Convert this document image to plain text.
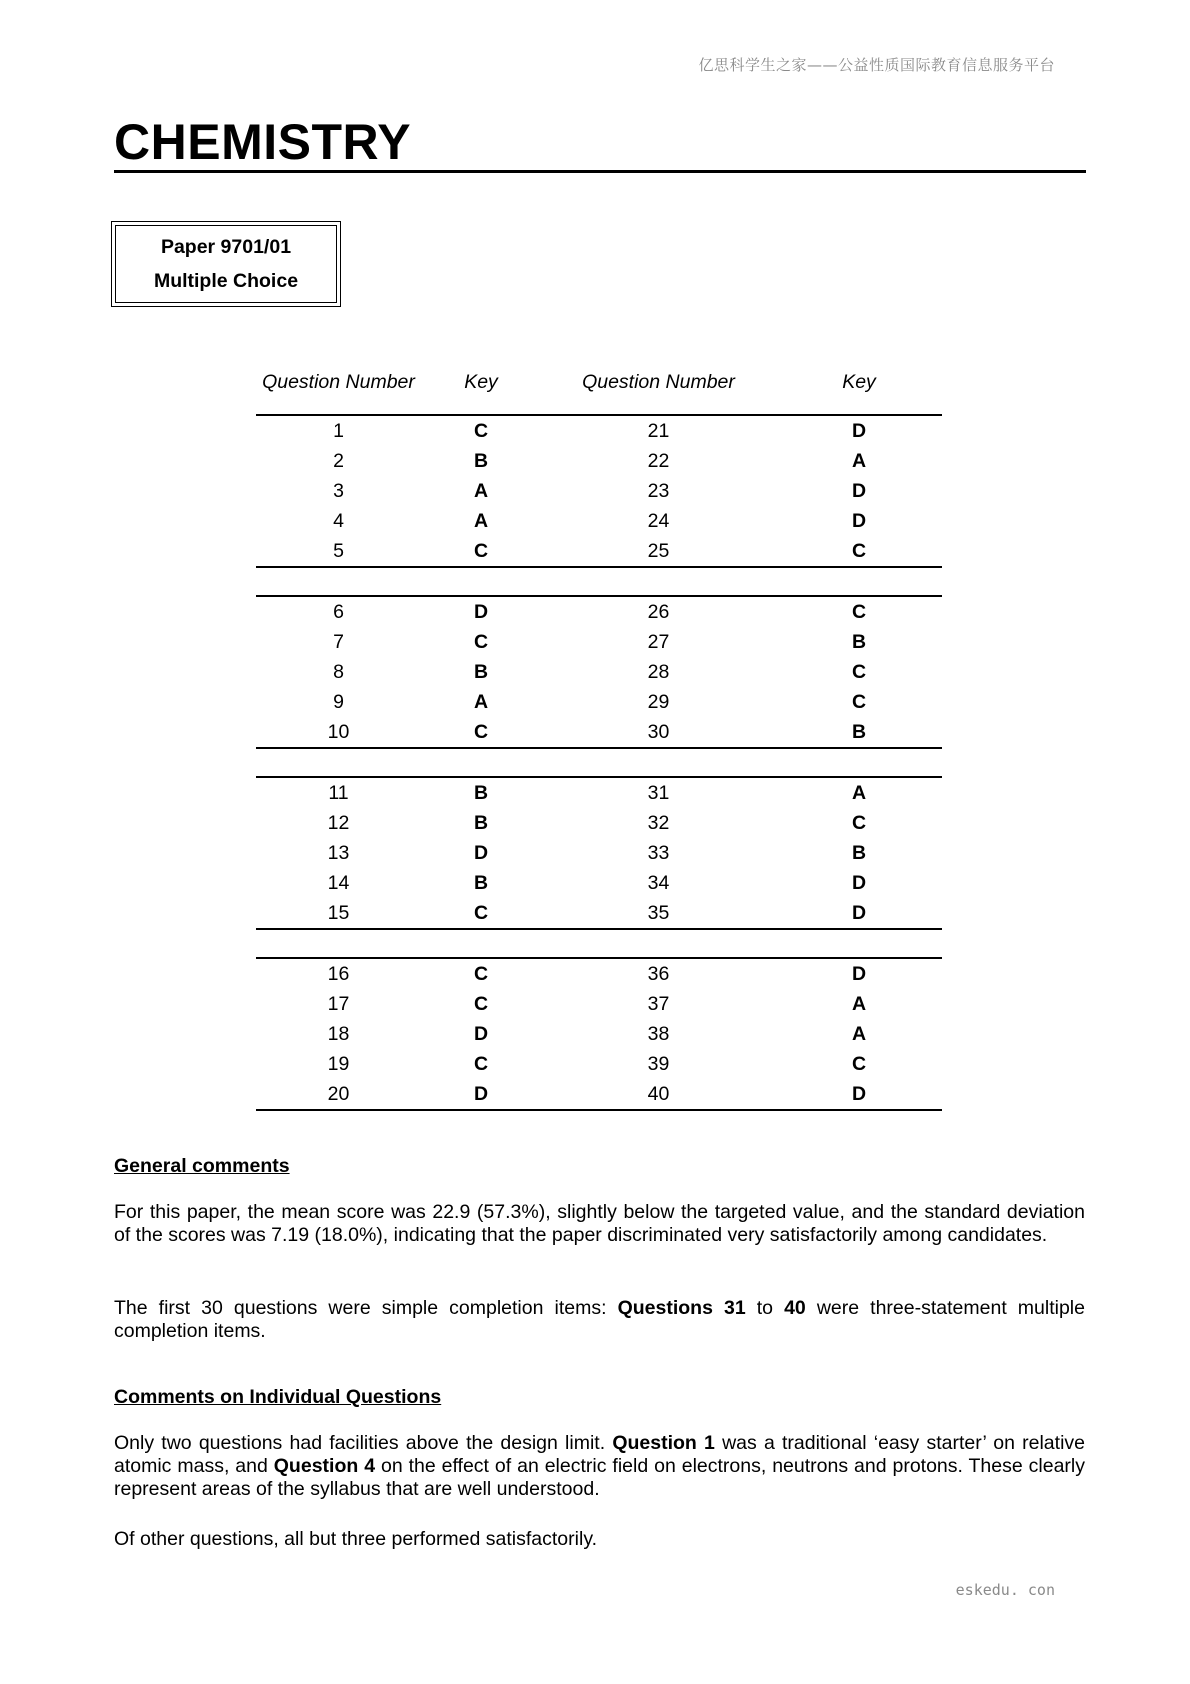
亿思科学生之家——公益性质国际教育信息服务平台
CHEMISTRY
Paper 9701/01
Multiple Choice
Question Number	Key	Question Number	Key
1	C	21	D
2	B	22	A
3	A	23	D
4	A	24	D
5	C	25	C

6	D	26	C
7	C	27	B
8	B	28	C
9	A	29	C
10	C	30	B

11	B	31	A
12	B	32	C
13	D	33	B
14	B	34	D
15	C	35	D

16	C	36	D
17	C	37	A
18	D	38	A
19	C	39	C
20	D	40	D
General comments

For this paper, the mean score was 22.9 (57.3%), slightly below the targeted value, and the standard deviation of the scores was 7.19 (18.0%), indicating that the paper discriminated very satisfactorily among candidates.

The first 30 questions were simple completion items: Questions 31 to 40 were three-statement multiple completion items.

Comments on Individual Questions

Only two questions had facilities above the design limit. Question 1 was a traditional ‘easy starter’ on relative atomic mass, and Question 4 on the effect of an electric field on electrons, neutrons and protons. These clearly represent areas of the syllabus that are well understood.

Of other questions, all but three performed satisfactorily.

eskedu. con
